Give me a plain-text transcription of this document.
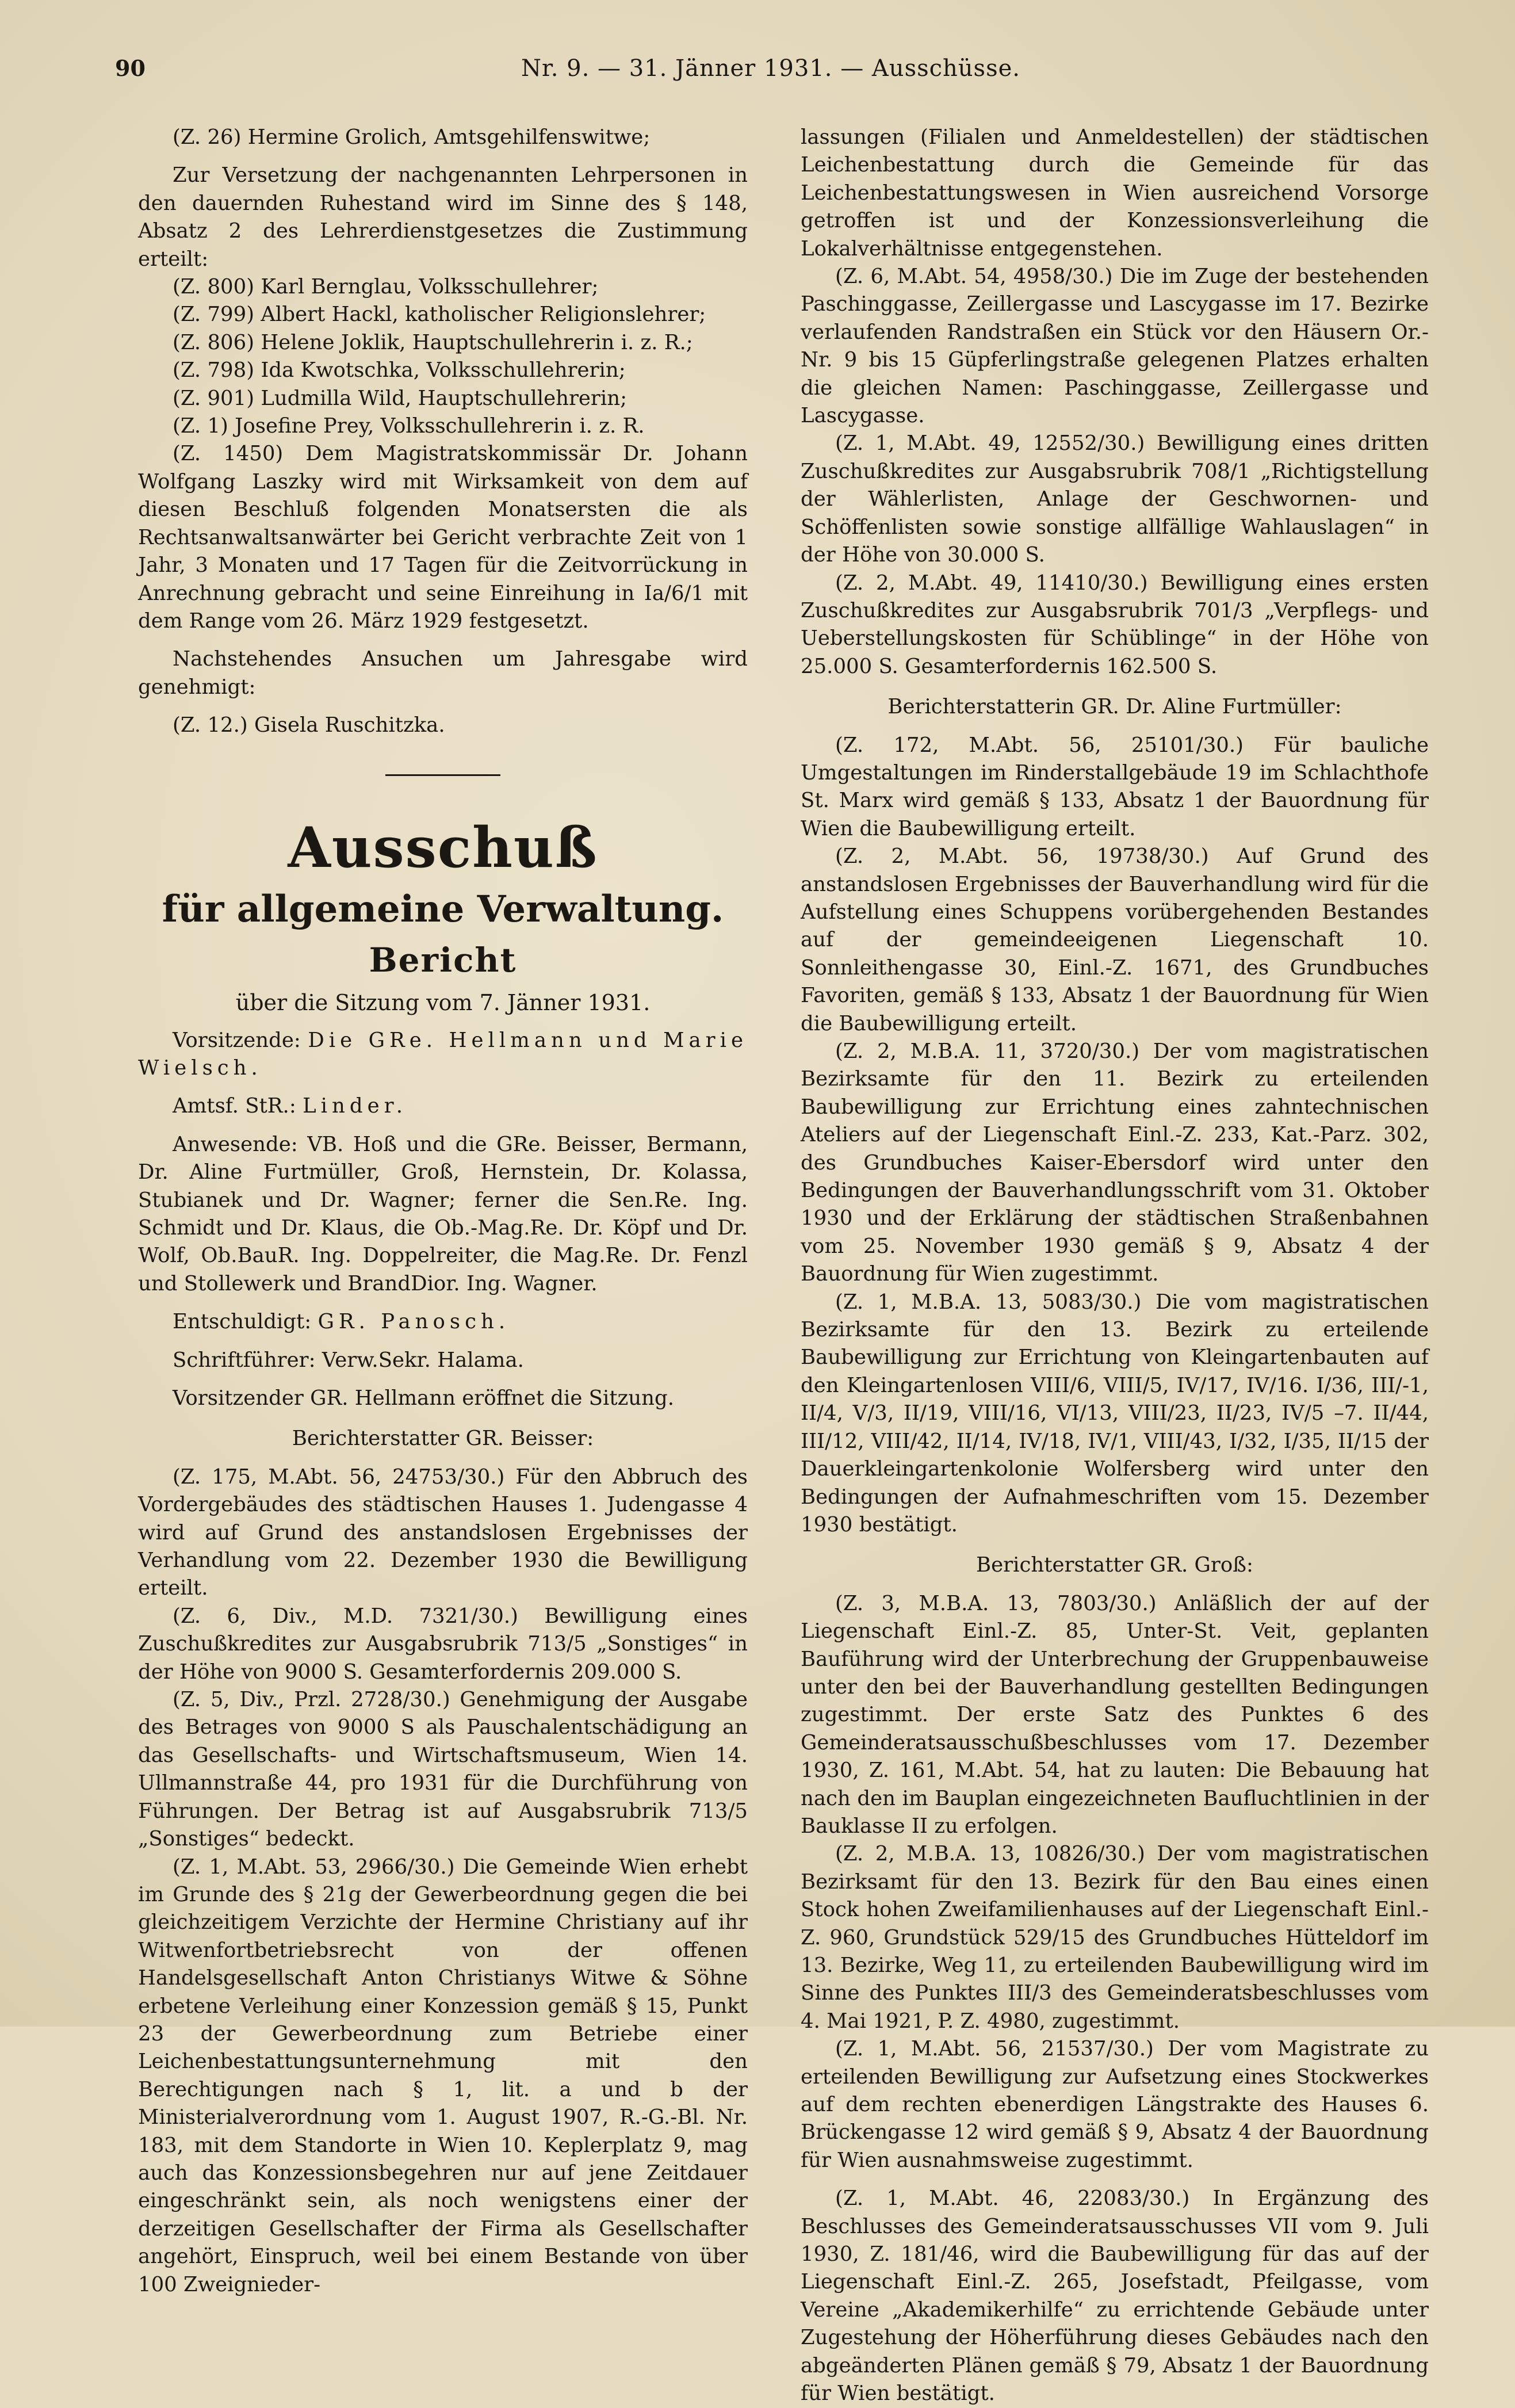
90	Nr. 9. — 31. Jänner 1931. — Ausschüsse.

(Z. 26) Hermine Grolich, Amtsgehilfenswitwe;

Zur Versetzung der nachgenannten Lehrpersonen in den dauernden Ruhestand wird im Sinne des § 148, Absatz 2 des Lehrerdienstgesetzes die Zustimmung erteilt:

(Z. 800) Karl Bernglau, Volksschullehrer;

(Z. 799) Albert Hackl, katholischer Religionslehrer;

(Z. 806) Helene Joklik, Hauptschullehrerin i. z. R.;

(Z. 798) Ida Kwotschka, Volksschullehrerin;

(Z. 901) Ludmilla Wild, Hauptschullehrerin;

(Z. 1) Josefine Prey, Volksschullehrerin i. z. R.

(Z. 1450) Dem Magistratskommissär Dr. Johann Wolfgang Laszky wird mit Wirksamkeit von dem auf diesen Beschluß folgenden Monatsersten die als Rechtsanwaltsanwärter bei Gericht verbrachte Zeit von 1 Jahr, 3 Monaten und 17 Tagen für die Zeitvorrückung in Anrechnung gebracht und seine Einreihung in Ia/6/1 mit dem Range vom 26. März 1929 festgesetzt.

Nachstehendes Ansuchen um Jahresgabe wird genehmigt:

(Z. 12.) Gisela Ruschitzka.

Ausschuß
für allgemeine Verwaltung.
Bericht
über die Sitzung vom 7. Jänner 1931.

Vorsitzende: Die GRe. Hellmann und Marie Wielsch.

Amtsf. StR.: Linder.

Anwesende: VB. Hoß und die GRe. Beisser, Bermann, Dr. Aline Furtmüller, Groß, Hernstein, Dr. Kolassa, Stubianek und Dr. Wagner; ferner die Sen.Re. Ing. Schmidt und Dr. Klaus, die Ob.-Mag.Re. Dr. Köpf und Dr. Wolf, Ob.BauR. Ing. Doppelreiter, die Mag.Re. Dr. Fenzl und Stollewerk und BrandDior. Ing. Wagner.

Entschuldigt: GR. Panosch.

Schriftführer: Verw.Sekr. Halama.

Vorsitzender GR. Hellmann eröffnet die Sitzung.

Berichterstatter GR. Beisser:

(Z. 175, M.Abt. 56, 24753/30.) Für den Abbruch des Vordergebäudes des städtischen Hauses 1. Judengasse 4 wird auf Grund des anstandslosen Ergebnisses der Verhandlung vom 22. Dezember 1930 die Bewilligung erteilt.

(Z. 6, Div., M.D. 7321/30.) Bewilligung eines Zuschußkredites zur Ausgabsrubrik 713/5 „Sonstiges“ in der Höhe von 9000 S. Gesamterfordernis 209.000 S.

(Z. 5, Div., Przl. 2728/30.) Genehmigung der Ausgabe des Betrages von 9000 S als Pauschalentschädigung an das Gesellschafts- und Wirtschaftsmuseum, Wien 14. Ullmannstraße 44, pro 1931 für die Durchführung von Führungen. Der Betrag ist auf Ausgabsrubrik 713/5 „Sonstiges“ bedeckt.

(Z. 1, M.Abt. 53, 2966/30.) Die Gemeinde Wien erhebt im Grunde des § 21g der Gewerbeordnung gegen die bei gleichzeitigem Verzichte der Hermine Christiany auf ihr Witwenfortbetriebsrecht von der offenen Handelsgesellschaft Anton Christianys Witwe & Söhne erbetene Verleihung einer Konzession gemäß § 15, Punkt 23 der Gewerbeordnung zum Betriebe einer Leichenbestattungsunternehmung mit den Berechtigungen nach § 1, lit. a und b der Ministerialverordnung vom 1. August 1907, R.-G.-Bl. Nr. 183, mit dem Standorte in Wien 10. Keplerplatz 9, mag auch das Konzessionsbegehren nur auf jene Zeitdauer eingeschränkt sein, als noch wenigstens einer der derzeitigen Gesellschafter der Firma als Gesellschafter angehört, Einspruch, weil bei einem Bestande von über 100 Zweignieder-

lassungen (Filialen und Anmeldestellen) der städtischen Leichenbestattung durch die Gemeinde für das Leichenbestattungswesen in Wien ausreichend Vorsorge getroffen ist und der Konzessionsverleihung die Lokalverhältnisse entgegenstehen.

(Z. 6, M.Abt. 54, 4958/30.) Die im Zuge der bestehenden Paschinggasse, Zeillergasse und Lascygasse im 17. Bezirke verlaufenden Randstraßen ein Stück vor den Häusern Or.-Nr. 9 bis 15 Güpferlingstraße gelegenen Platzes erhalten die gleichen Namen: Paschinggasse, Zeillergasse und Lascygasse.

(Z. 1, M.Abt. 49, 12552/30.) Bewilligung eines dritten Zuschußkredites zur Ausgabsrubrik 708/1 „Richtigstellung der Wählerlisten, Anlage der Geschwornen- und Schöffenlisten sowie sonstige allfällige Wahlauslagen“ in der Höhe von 30.000 S.

(Z. 2, M.Abt. 49, 11410/30.) Bewilligung eines ersten Zuschußkredites zur Ausgabsrubrik 701/3 „Verpflegs- und Ueberstellungskosten für Schüblinge“ in der Höhe von 25.000 S. Gesamterfordernis 162.500 S.

Berichterstatterin GR. Dr. Aline Furtmüller:

(Z. 172, M.Abt. 56, 25101/30.) Für bauliche Umgestaltungen im Rinderstallgebäude 19 im Schlachthofe St. Marx wird gemäß § 133, Absatz 1 der Bauordnung für Wien die Baubewilligung erteilt.

(Z. 2, M.Abt. 56, 19738/30.) Auf Grund des anstandslosen Ergebnisses der Bauverhandlung wird für die Aufstellung eines Schuppens vorübergehenden Bestandes auf der gemeindeeigenen Liegenschaft 10. Sonnleithengasse 30, Einl.-Z. 1671, des Grundbuches Favoriten, gemäß § 133, Absatz 1 der Bauordnung für Wien die Baubewilligung erteilt.

(Z. 2, M.B.A. 11, 3720/30.) Der vom magistratischen Bezirksamte für den 11. Bezirk zu erteilenden Baubewilligung zur Errichtung eines zahntechnischen Ateliers auf der Liegenschaft Einl.-Z. 233, Kat.-Parz. 302, des Grundbuches Kaiser-Ebersdorf wird unter den Bedingungen der Bauverhandlungsschrift vom 31. Oktober 1930 und der Erklärung der städtischen Straßenbahnen vom 25. November 1930 gemäß § 9, Absatz 4 der Bauordnung für Wien zugestimmt.

(Z. 1, M.B.A. 13, 5083/30.) Die vom magistratischen Bezirksamte für den 13. Bezirk zu erteilende Baubewilligung zur Errichtung von Kleingartenbauten auf den Kleingartenlosen VIII/6, VIII/5, IV/17, IV/16. I/36, III/-1, II/4, V/3, II/19, VIII/16, VI/13, VIII/23, II/23, IV/5 –7. II/44, III/12, VIII/42, II/14, IV/18, IV/1, VIII/43, I/32, I/35, II/15 der Dauerkleingartenkolonie Wolfersberg wird unter den Bedingungen der Aufnahmeschriften vom 15. Dezember 1930 bestätigt.

Berichterstatter GR. Groß:

(Z. 3, M.B.A. 13, 7803/30.) Anläßlich der auf der Liegenschaft Einl.-Z. 85, Unter-St. Veit, geplanten Bauführung wird der Unterbrechung der Gruppenbauweise unter den bei der Bauverhandlung gestellten Bedingungen zugestimmt. Der erste Satz des Punktes 6 des Gemeinderatsausschußbeschlusses vom 17. Dezember 1930, Z. 161, M.Abt. 54, hat zu lauten: Die Bebauung hat nach den im Bauplan eingezeichneten Baufluchtlinien in der Bauklasse II zu erfolgen.

(Z. 2, M.B.A. 13, 10826/30.) Der vom magistratischen Bezirksamt für den 13. Bezirk für den Bau eines einen Stock hohen Zweifamilienhauses auf der Liegenschaft Einl.-Z. 960, Grundstück 529/15 des Grundbuches Hütteldorf im 13. Bezirke, Weg 11, zu erteilenden Baubewilligung wird im Sinne des Punktes III/3 des Gemeinderatsbeschlusses vom 4. Mai 1921, P. Z. 4980, zugestimmt.

(Z. 1, M.Abt. 56, 21537/30.) Der vom Magistrate zu erteilenden Bewilligung zur Aufsetzung eines Stockwerkes auf dem rechten ebenerdigen Längstrakte des Hauses 6. Brückengasse 12 wird gemäß § 9, Absatz 4 der Bauordnung für Wien ausnahmsweise zugestimmt.

(Z. 1, M.Abt. 46, 22083/30.) In Ergänzung des Beschlusses des Gemeinderatsausschusses VII vom 9. Juli 1930, Z. 181/46, wird die Baubewilligung für das auf der Liegenschaft Einl.-Z. 265, Josefstadt, Pfeilgasse, vom Vereine „Akademikerhilfe“ zu errichtende Gebäude unter Zugestehung der Höherführung dieses Gebäudes nach den abgeänderten Plänen gemäß § 79, Absatz 1 der Bauordnung für Wien bestätigt.
